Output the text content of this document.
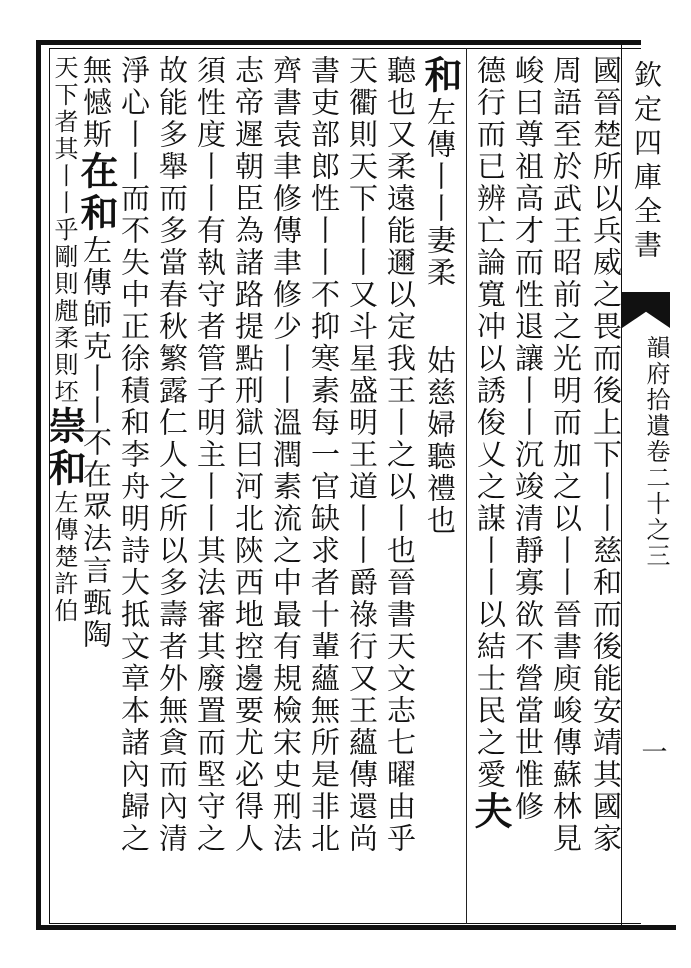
欽定四庫全書
韻府拾遺卷二十之三
一
國晉楚所以兵威之畏而後上下丨丨慈和而後能安靖其國家
周語至於武王昭前之光明而加之以丨丨晉書庾峻傳蘇林見
峻曰尊祖高才而性退讓丨丨沉竣清靜寡欲不營當世惟修
德行而已辨亡論寬冲以誘俊乂之謀丨丨以結士民之愛夫
和左傳丨丨妻柔
姑慈婦聽禮也
聽也又柔遠能邇以定我王丨之以丨也晉書天文志七曜由乎
天衢則天下丨丨又斗星盛明王道丨丨爵祿行又王蘊傳還尚
書吏部郎性丨丨不抑寒素每一官缺求者十輩蘊無所是非北
齊書袁聿修傳聿修少丨丨溫潤素流之中最有規檢宋史刑法
志帝遲朝臣為諸路提點刑獄曰河北陝西地控邊要尤必得人
須性度丨丨有執守者管子明主丨丨其法審其廢置而堅守之
故能多舉而多當春秋繁露仁人之所以多壽者外無貪而內清
淨心丨丨而不失中正徐積和李舟明詩大抵文章本諸內歸之
無憾斯在和左傳師克丨丨不在眾法言甄陶
天下者其丨丨乎剛則甝柔則坯崇和左傳楚許伯
